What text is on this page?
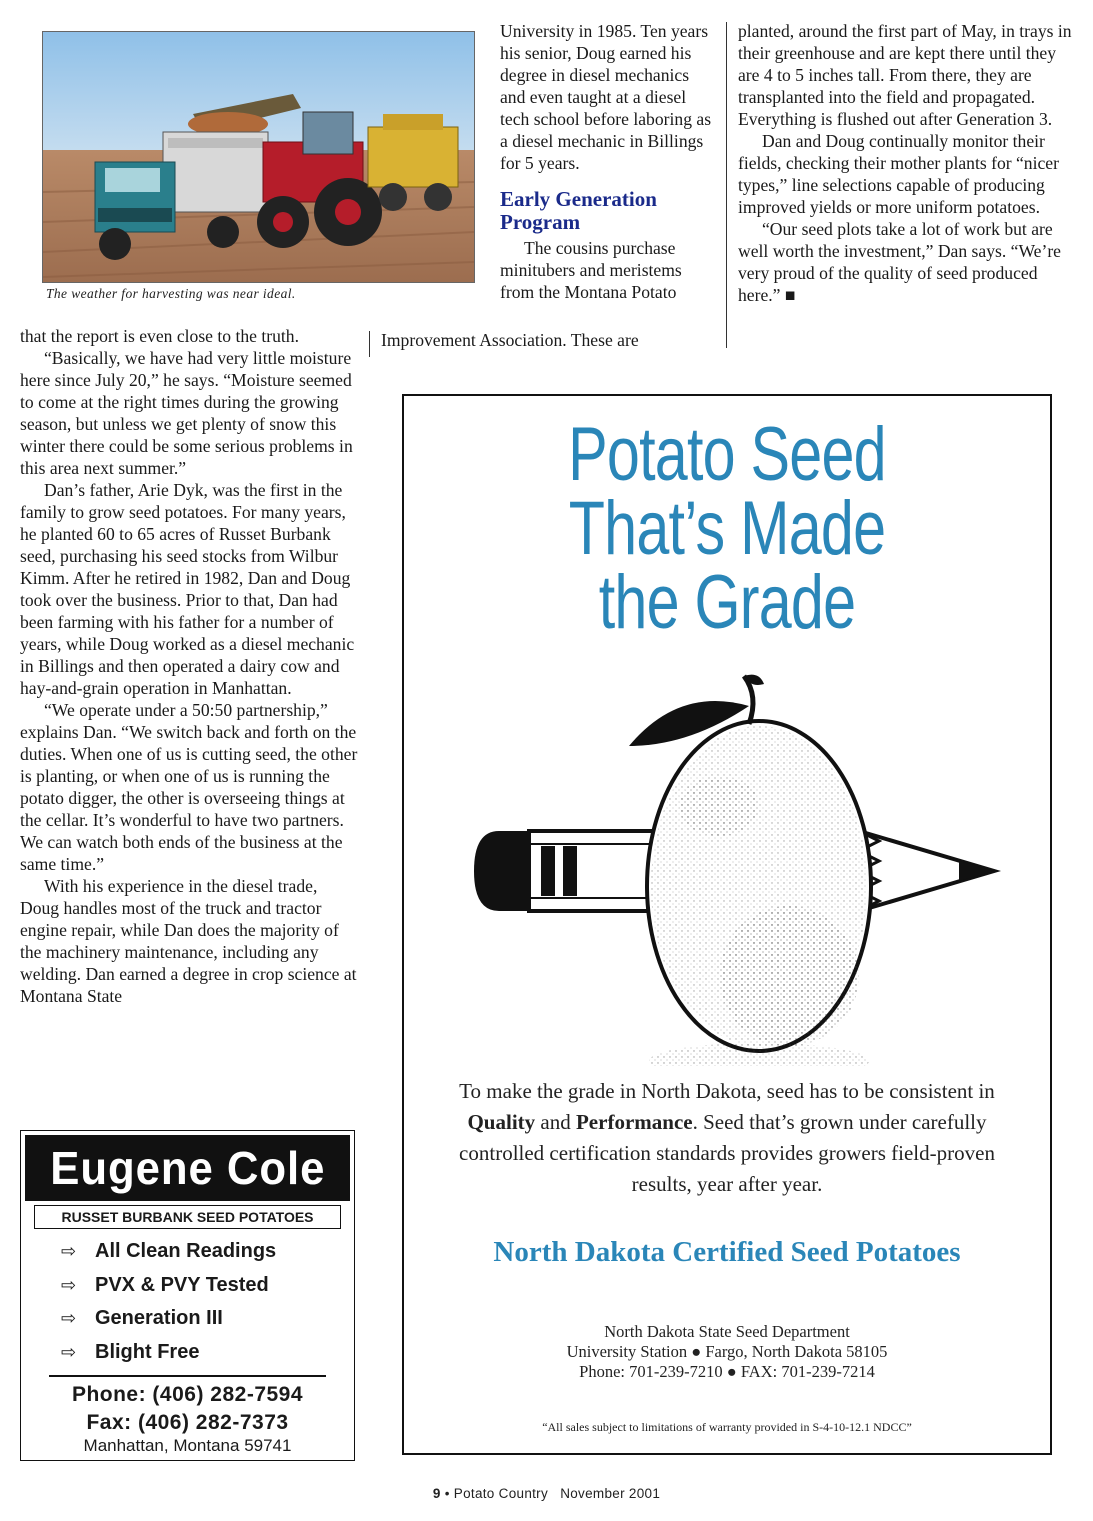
The weather for harvesting was near ideal.

University in 1985. Ten years his senior, Doug earned his degree in diesel mechanics and even taught at a diesel tech school before laboring as a diesel mechanic in Billings for 5 years.

Early Generation Program

The cousins purchase minitubers and meristems from the Montana Potato

Improvement Association. These are

planted, around the first part of May, in trays in their greenhouse and are kept there until they are 4 to 5 inches tall. From there, they are transplanted into the field and propagated. Everything is flushed out after Generation 3.

Dan and Doug continually monitor their fields, checking their mother plants for “nicer types,” line selections capable of producing improved yields or more uniform potatoes.

“Our seed plots take a lot of work but are well worth the investment,” Dan says. “We’re very proud of the quality of seed produced here.” ■

that the report is even close to the truth.

“Basically, we have had very little moisture here since July 20,” he says. “Moisture seemed to come at the right times during the growing season, but unless we get plenty of snow this winter there could be some serious problems in this area next summer.”

Dan’s father, Arie Dyk, was the first in the family to grow seed potatoes. For many years, he planted 60 to 65 acres of Russet Burbank seed, purchasing his seed stocks from Wilbur Kimm. After he retired in 1982, Dan and Doug took over the business. Prior to that, Dan had been farming with his father for a number of years, while Doug worked as a diesel mechanic in Billings and then operated a dairy cow and hay-and-grain operation in Manhattan.

“We operate under a 50:50 partnership,” explains Dan. “We switch back and forth on the duties. When one of us is cutting seed, the other is planting, or when one of us is running the potato digger, the other is overseeing things at the cellar. It’s wonderful to have two partners. We can watch both ends of the business at the same time.”

With his experience in the diesel trade, Doug handles most of the truck and tractor engine repair, while Dan does the majority of the machinery maintenance, including any welding. Dan earned a degree in crop science at Montana State

Potato Seed
That’s Made
the Grade
To make the grade in North Dakota, seed has to be consistent in Quality and Performance. Seed that’s grown under carefully controlled certification standards provides growers field-proven results, year after year.
North Dakota Certified Seed Potatoes
North Dakota State Seed Department
University Station ● Fargo, North Dakota 58105
Phone: 701-239-7210 ● FAX: 701-239-7214
“All sales subject to limitations of warranty provided in S-4-10-12.1 NDCC”
Eugene Cole
RUSSET BURBANK SEED POTATOES
⇨ All Clean Readings
⇨ PVX & PVY Tested
⇨ Generation III
⇨ Blight Free
Phone: (406) 282-7594
Fax: (406) 282-7373
Manhattan, Montana 59741
9 • Potato Country November 2001
